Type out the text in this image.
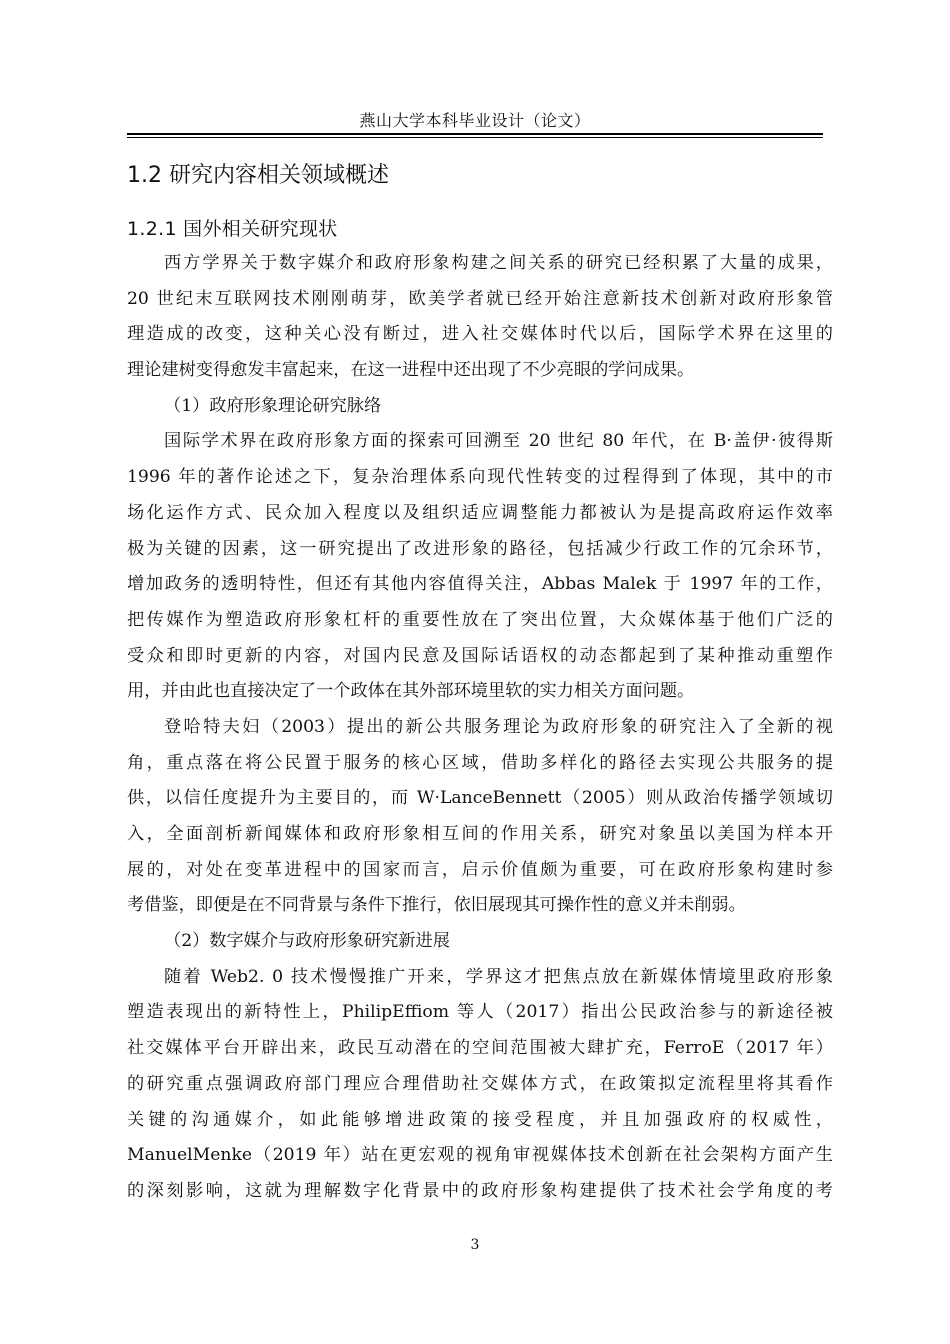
燕山大学本科毕业设计（论文）
1.2 研究内容相关领域概述
1.2.1 国外相关研究现状
西方学界关于数字媒介和政府形象构建之间关系的研究已经积累了大量的成果，
20 世纪末互联网技术刚刚萌芽，欧美学者就已经开始注意新技术创新对政府形象管
理造成的改变，这种关心没有断过，进入社交媒体时代以后，国际学术界在这里的
理论建树变得愈发丰富起来，在这一进程中还出现了不少亮眼的学问成果。
（1）政府形象理论研究脉络
国际学术界在政府形象方面的探索可回溯至 20 世纪 80 年代，在 B·盖伊·彼得斯
1996 年的著作论述之下，复杂治理体系向现代性转变的过程得到了体现，其中的市
场化运作方式、民众加入程度以及组织适应调整能力都被认为是提高政府运作效率
极为关键的因素，这一研究提出了改进形象的路径，包括减少行政工作的冗余环节，
增加政务的透明特性，但还有其他内容值得关注，Abbas Malek 于 1997 年的工作，
把传媒作为塑造政府形象杠杆的重要性放在了突出位置，大众媒体基于他们广泛的
受众和即时更新的内容，对国内民意及国际话语权的动态都起到了某种推动重塑作
用，并由此也直接决定了一个政体在其外部环境里软的实力相关方面问题。
登哈特夫妇（2003）提出的新公共服务理论为政府形象的研究注入了全新的视
角，重点落在将公民置于服务的核心区域，借助多样化的路径去实现公共服务的提
供，以信任度提升为主要目的，而 W·LanceBennett（2005）则从政治传播学领域切
入，全面剖析新闻媒体和政府形象相互间的作用关系，研究对象虽以美国为样本开
展的，对处在变革进程中的国家而言，启示价值颇为重要，可在政府形象构建时参
考借鉴，即便是在不同背景与条件下推行，依旧展现其可操作性的意义并未削弱。
（2）数字媒介与政府形象研究新进展
随着 Web2. 0 技术慢慢推广开来，学界这才把焦点放在新媒体情境里政府形象
塑造表现出的新特性上，PhilipEffiom 等人（2017）指出公民政治参与的新途径被
社交媒体平台开辟出来，政民互动潜在的空间范围被大肆扩充，FerroE（2017 年）
的研究重点强调政府部门理应合理借助社交媒体方式，在政策拟定流程里将其看作
关键的沟通媒介，如此能够增进政策的接受程度，并且加强政府的权威性，
ManuelMenke（2019 年）站在更宏观的视角审视媒体技术创新在社会架构方面产生
的深刻影响，这就为理解数字化背景中的政府形象构建提供了技术社会学角度的考
3
